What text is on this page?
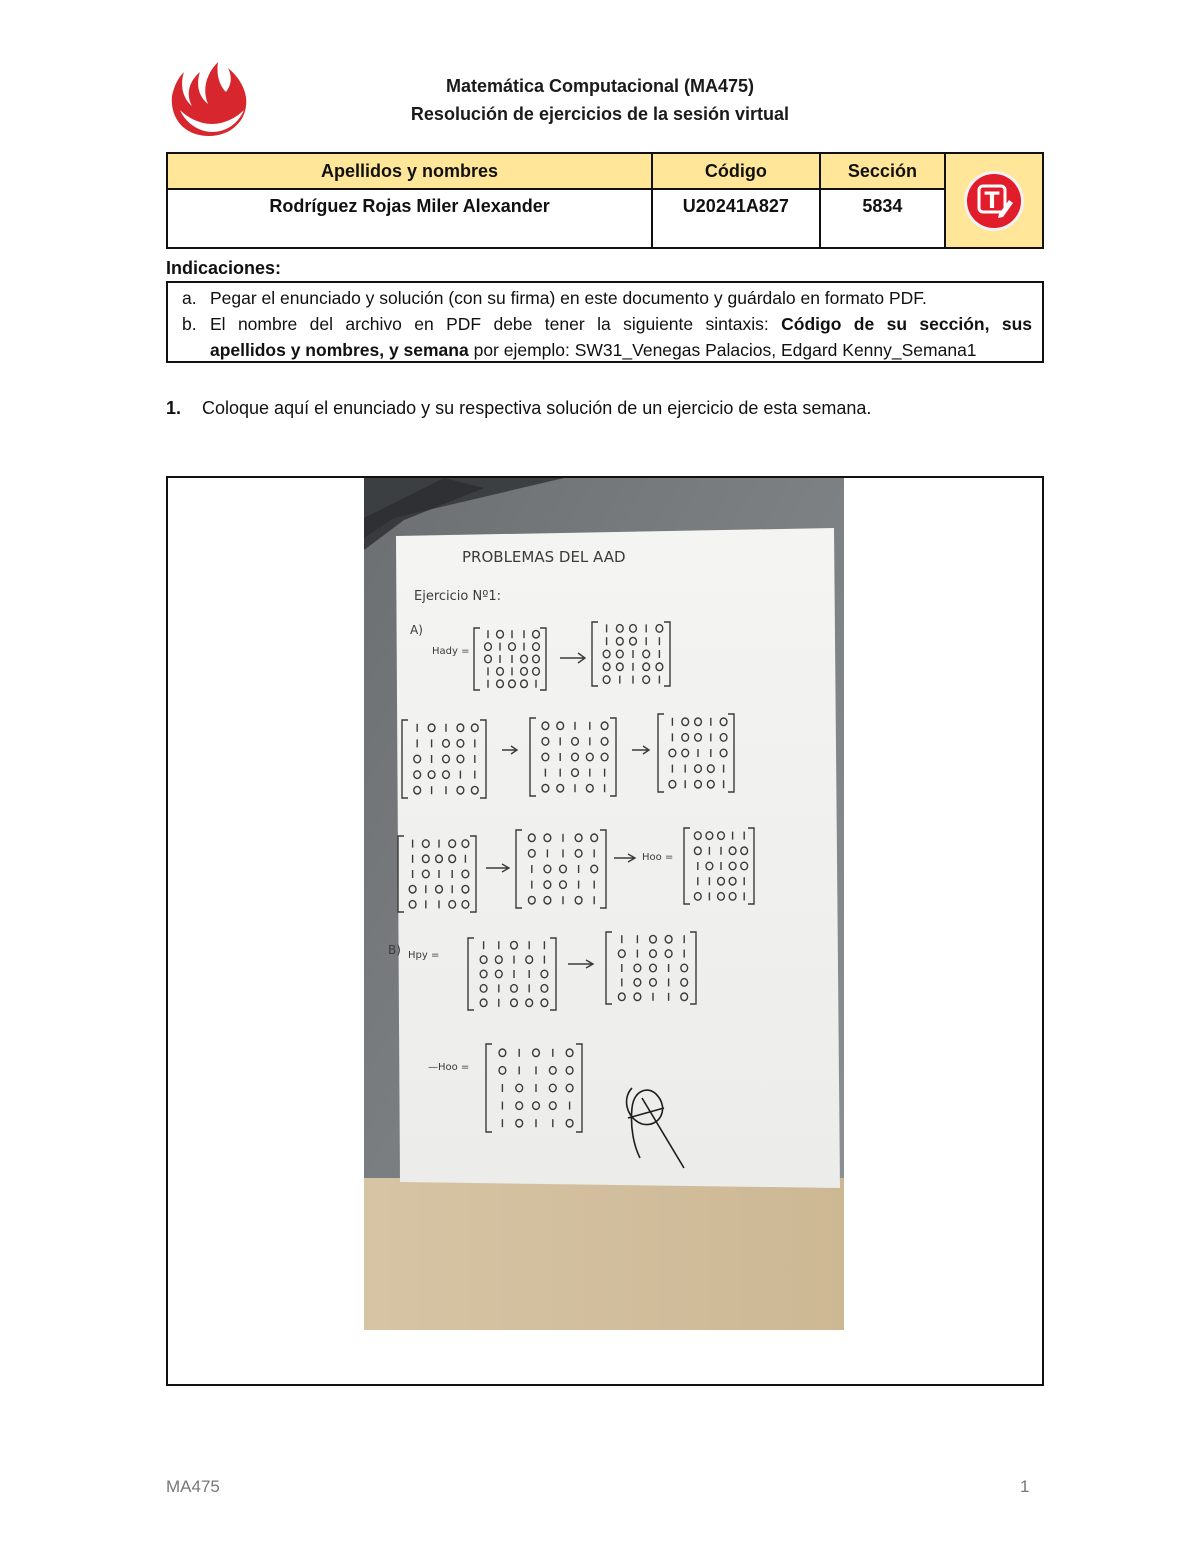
Matemática Computacional (MA475)
Resolución de ejercicios de la sesión virtual
Apellidos y nombres	Código	Sección	T

Rodríguez Rojas Miler Alexander	U20241A827	5834	
Indicaciones:
a. Pegar el enunciado y solución (con su firma) en este documento y guárdalo en formato PDF.
b. El nombre del archivo en PDF debe tener la siguiente sintaxis: Código de su sección, sus
apellidos y nombres, y semana por ejemplo: SW31_Venegas Palacios, Edgard Kenny_Semana1
1. Coloque aquí el enunciado y su respectiva solución de un ejercicio de esta semana.
PROBLEMAS DEL AAD
Ejercicio Nº1:
A)
Hady =
Hoo =
B) Hpy =
—Hoo =
MA475	1
